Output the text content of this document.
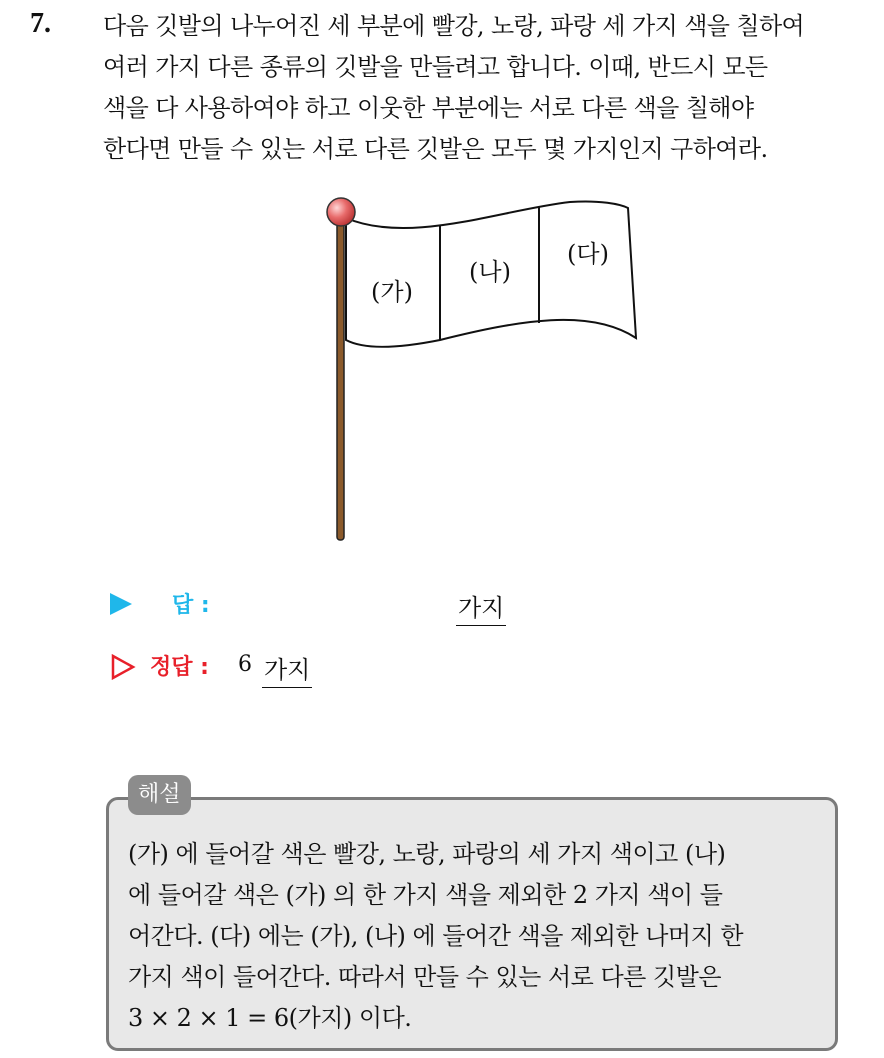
7. 다음 깃발의 나누어진 세 부분에 빨강, 노랑, 파랑 세 가지 색을 칠하여
여러 가지 다른 종류의 깃발을 만들려고 합니다. 이때, 반드시 모든
색을 다 사용하여야 하고 이웃한 부분에는 서로 다른 색을 칠해야
한다면 만들 수 있는 서로 다른 깃발은 모두 몇 가지인지 구하여라.
(가)
(나)
(다)
답 :	가지
정답 : 6 가지
해설
(가) 에 들어갈 색은 빨강, 노랑, 파랑의 세 가지 색이고 (나)
에 들어갈 색은 (가) 의 한 가지 색을 제외한 2 가지 색이 들
어간다. (다) 에는 (가), (나) 에 들어간 색을 제외한 나머지 한
가지 색이 들어간다. 따라서 만들 수 있는 서로 다른 깃발은
3 × 2 × 1 = 6(가지) 이다.
